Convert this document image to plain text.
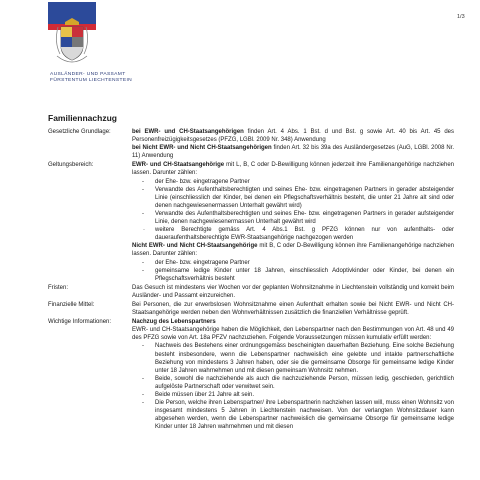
1/3
AUSLÄNDER- UND PASSAMT
FÜRSTENTUM LIECHTENSTEIN
Familiennachzug
Gesetzliche Grundlage:	bei EWR- und CH-Staatsangehörigen finden Art. 4 Abs. 1 Bst. d und Bst. g sowie Art. 40 bis Art. 45 des Personenfreizügigkeitsgesetzes (PFZG, LGBl. 2009 Nr. 348) Anwendung

bei Nicht EWR- und Nicht CH-Staatsangehörigen finden Art. 32 bis 39a des Ausländergesetzes (AuG, LGBl. 2008 Nr. 11) Anwendung

Geltungsbereich:	EWR- und CH-Staatsangehörige mit L, B, C oder D-Bewilligung können jederzeit ihre Familienangehörige nachziehen lassen. Darunter zählen:

- der Ehe- bzw. eingetragene Partner
- Verwandte des Aufenthaltsberechtigten und seines Ehe- bzw. eingetragenen Partners in gerader absteigender Linie (einschliesslich der Kinder, bei denen ein Pflegschaftsverhältnis besteht, die unter 21 Jahre alt sind oder denen nachgewiesenermassen Unterhalt gewährt wird)
- Verwandte des Aufenthaltsberechtigten und seines Ehe- bzw. eingetragenen Partners in gerader aufsteigender Linie, denen nachgewiesenermassen Unterhalt gewährt wird
· weitere Berechtigte gemäss Art. 4 Abs.1 Bst. g PFZG können nur von aufenthalts- oder daueraufenthaltsberechtigte EWR-Staatsangehörige nachgezogen werden

Nicht EWR- und Nicht CH-Staatsangehörige mit B, C oder D-Bewilligung können ihre Familienangehörige nachziehen lassen. Darunter zählen:

- der Ehe- bzw. eingetragene Partner
- gemeinsame ledige Kinder unter 18 Jahren, einschliesslich Adoptivkinder oder Kinder, bei denen ein Pflegschaftsverhältnis besteht
Fristen:	Das Gesuch ist mindestens vier Wochen vor der geplanten Wohnsitznahme in Liechtenstein vollständig und korrekt beim Ausländer- und Passamt einzureichen.

Finanzielle Mittel:	Bei Personen, die zur erwerbslosen Wohnsitznahme einen Aufenthalt erhalten sowie bei Nicht EWR- und Nicht CH-Staatsangehörige werden neben den Wohnverhältnissen zusätzlich die finanziellen Verhältnisse geprüft.

Wichtige Informationen:	Nachzug des Lebenspartners

EWR- und CH-Staatsangehörige haben die Möglichkeit, den Lebenspartner nach den Bestimmungen von Art. 48 und 49 des PFZG sowie von Art. 18a PFZV nachzuziehen. Folgende Voraussetzungen müssen kumulativ erfüllt werden:

- Nachweis des Bestehens einer ordnungsgemäss bescheinigten dauerhaften Beziehung. Eine solche Beziehung besteht insbesondere, wenn die Lebenspartner nachweislich eine gelebte und intakte partnerschaftliche Beziehung von mindestens 3 Jahren haben, oder sie die gemeinsame Obsorge für gemeinsame ledige Kinder unter 18 Jahren wahrnehmen und mit diesen gemeinsam Wohnsitz nehmen.
- Beide, sowohl die nachziehende als auch die nachzuziehende Person, müssen ledig, geschieden, gerichtlich aufgelöste Partnerschaft oder verwitwet sein.
- Beide müssen über 21 Jahre alt sein.
- Die Person, welche ihren Lebenspartner/ ihre Lebenspartnerin nachziehen lassen will, muss einen Wohnsitz von insgesamt mindestens 5 Jahren in Liechtenstein nachweisen. Von der verlangten Wohnsitzdauer kann abgesehen werden, wenn die Lebenspartner nachweislich die gemeinsame Obsorge für gemeinsame ledige Kinder unter 18 Jahren wahrnehmen und mit diesen
